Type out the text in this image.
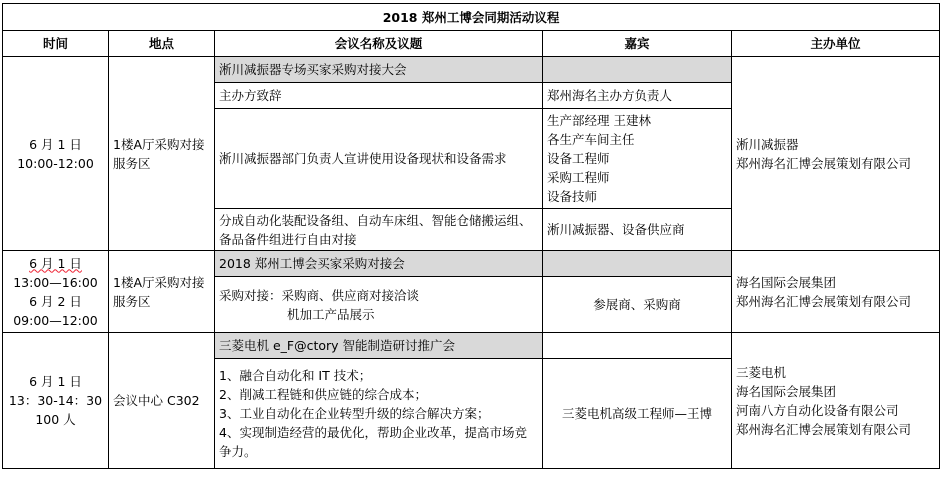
2018 郑州工博会同期活动议程				
时间	地点	会议名称及议题	嘉宾	主办单位

6 月 1 日
10:00-12:00	1楼A厅采购对接服务区	淅川减振器专场买家采购对接大会		淅川减振器
郑州海名汇博会展策划有限公司

		主办方致辞	郑州海名主办方负责人	
		淅川减振器部门负责人宣讲使用设备现状和设备需求	生产部经理 王建林
各生产车间主任
设备工程师
采购工程师
设备技师	

		分成自动化装配设备组、自动车床组、智能仓储搬运组、备品备件组进行自由对接	淅川减振器、设备供应商	

6 月 1 日
13:00—16:00
6 月 2 日
09:00—12:00	1楼A厅采购对接服务区	2018 郑州工博会买家采购对接会		海名国际会展集团
郑州海名汇博会展策划有限公司

		采购对接：采购商、供应商对接洽谈
机加工产品展示	参展商、采购商	

6 月 1 日
13：30-14：30
100 人	会议中心 C302	三菱电机 e_F@ctory 智能制造研讨推广会		三菱电机
海名国际会展集团
河南八方自动化设备有限公司
郑州海名汇博会展策划有限公司

		1、融合自动化和 IT 技术；
2、削减工程链和供应链的综合成本；
3、工业自动化在企业转型升级的综合解决方案；
4、实现制造经营的最优化，帮助企业改革，提高市场竞争力。	三菱电机高级工程师—王博	
